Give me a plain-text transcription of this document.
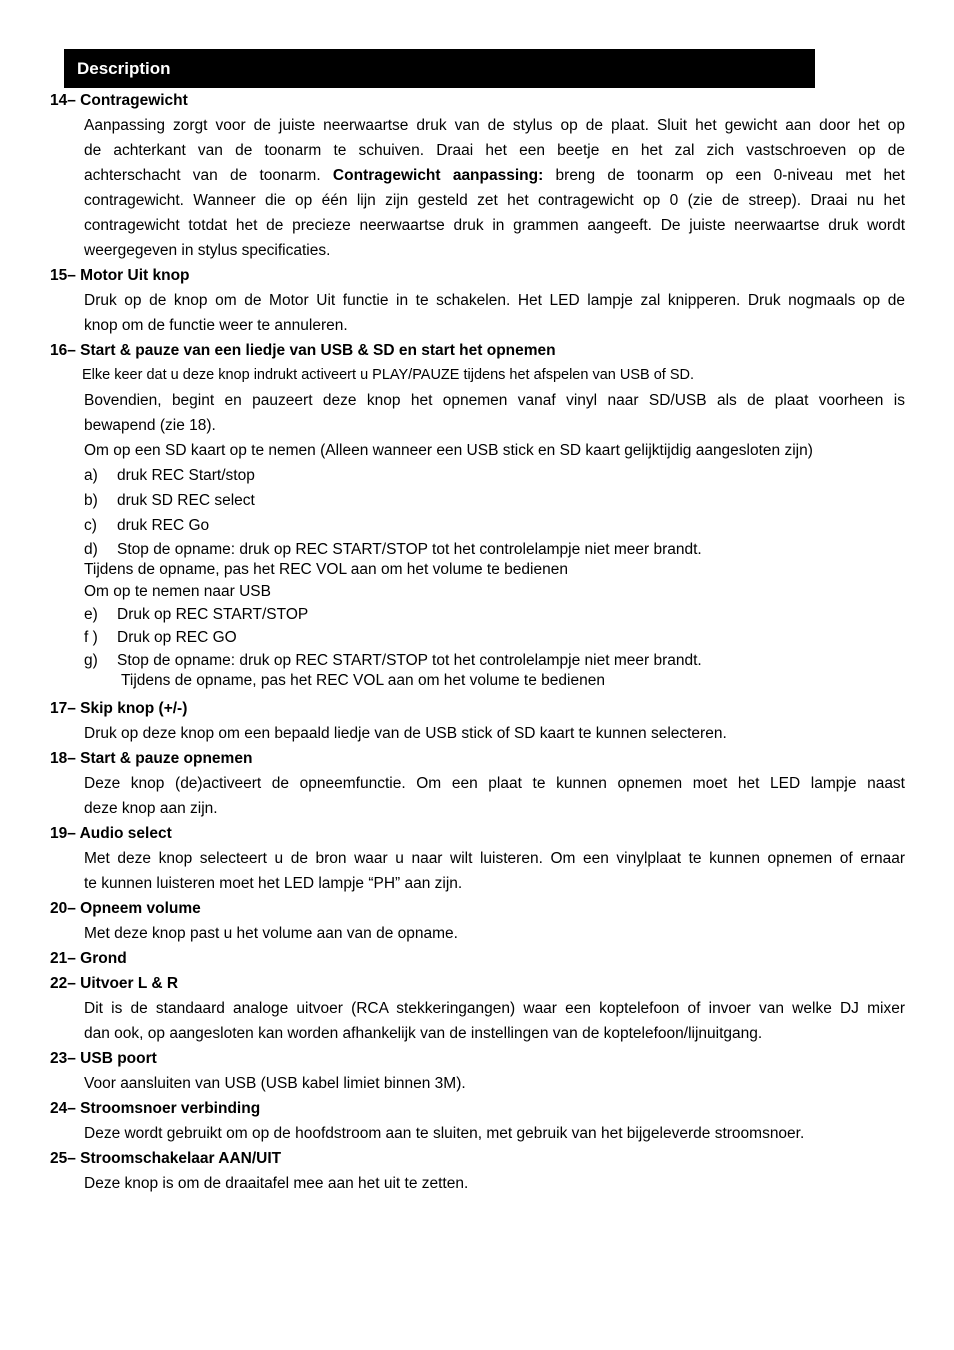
Description
14– Contragewicht
Aanpassing zorgt voor de juiste neerwaartse druk van de stylus op de plaat. Sluit het gewicht aan door het op
de achterkant van de toonarm te schuiven. Draai het een beetje en het zal zich vastschroeven op de
achterschacht van de toonarm. Contragewicht aanpassing: breng de toonarm op een 0-niveau met het
contragewicht. Wanneer die op één lijn zijn gesteld zet het contragewicht op 0 (zie de streep). Draai nu het
contragewicht totdat het de precieze neerwaartse druk in grammen aangeeft. De juiste neerwaartse druk wordt
weergegeven in stylus specificaties.
15– Motor Uit knop
Druk op de knop om de Motor Uit functie in te schakelen. Het LED lampje zal knipperen. Druk nogmaals op de
knop om de functie weer te annuleren.
16– Start & pauze van een liedje van USB & SD en start het opnemen
Elke keer dat u deze knop indrukt activeert u PLAY/PAUZE tijdens het afspelen van USB of SD.
Bovendien, begint en pauzeert deze knop het opnemen vanaf vinyl naar SD/USB als de plaat voorheen is
bewapend (zie 18).
Om op een SD kaart op te nemen (Alleen wanneer een USB stick en SD kaart gelijktijdig aangesloten zijn)
a) druk REC Start/stop
b) druk SD REC select
c) druk REC Go
d) Stop de opname: druk op REC START/STOP tot het controlelampje niet meer brandt.
Tijdens de opname, pas het REC VOL aan om het volume te bedienen
Om op te nemen naar USB
e) Druk op REC START/STOP
f ) Druk op REC GO
g) Stop de opname: druk op REC START/STOP tot het controlelampje niet meer brandt.
Tijdens de opname, pas het REC VOL aan om het volume te bedienen
17– Skip knop (+/-)
Druk op deze knop om een bepaald liedje van de USB stick of SD kaart te kunnen selecteren.
18– Start & pauze opnemen
Deze knop (de)activeert de opneemfunctie. Om een plaat te kunnen opnemen moet het LED lampje naast
deze knop aan zijn.
19– Audio select
Met deze knop selecteert u de bron waar u naar wilt luisteren. Om een vinylplaat te kunnen opnemen of ernaar
te kunnen luisteren moet het LED lampje “PH” aan zijn.
20– Opneem volume
Met deze knop past u het volume aan van de opname.
21– Grond
22– Uitvoer L & R
Dit is de standaard analoge uitvoer (RCA stekkeringangen) waar een koptelefoon of invoer van welke DJ mixer
dan ook, op aangesloten kan worden afhankelijk van de instellingen van de koptelefoon/lijnuitgang.
23– USB poort
Voor aansluiten van USB (USB kabel limiet binnen 3M).
24– Stroomsnoer verbinding
Deze wordt gebruikt om op de hoofdstroom aan te sluiten, met gebruik van het bijgeleverde stroomsnoer.
25– Stroomschakelaar AAN/UIT
Deze knop is om de draaitafel mee aan het uit te zetten.
